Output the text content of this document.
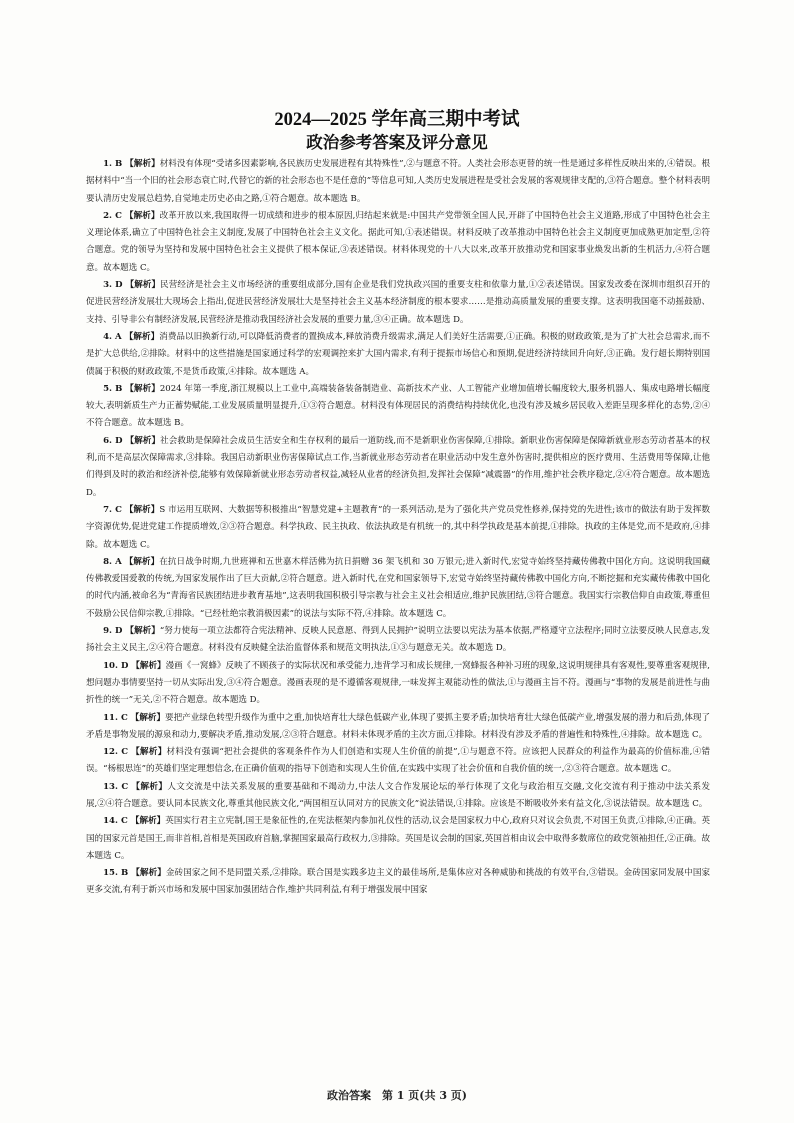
2024—2025 学年高三期中考试
政治参考答案及评分意见

1. B 【解析】材料没有体现“受诸多因素影响,各民族历史发展进程有其特殊性”,②与题意不符。人类社会形态更替的统一性是通过多样性反映出来的,④错误。根据材料中“当一个旧的社会形态衰亡时,代替它的新的社会形态也不是任意的”等信息可知,人类历史发展进程是受社会发展的客观规律支配的,③符合题意。整个材料表明要认清历史发展总趋势,自觉地走历史必由之路,①符合题意。故本题选 B。

2. C 【解析】改革开放以来,我国取得一切成绩和进步的根本原因,归结起来就是:中国共产党带领全国人民,开辟了中国特色社会主义道路,形成了中国特色社会主义理论体系,确立了中国特色社会主义制度,发展了中国特色社会主义文化。据此可知,①表述错误。材料反映了改革推动中国特色社会主义制度更加成熟更加定型,②符合题意。党的领导为坚持和发展中国特色社会主义提供了根本保证,③表述错误。材料体现党的十八大以来,改革开放推动党和国家事业焕发出新的生机活力,④符合题意。故本题选 C。

3. D 【解析】民营经济是社会主义市场经济的重要组成部分,国有企业是我们党执政兴国的重要支柱和依靠力量,①②表述错误。国家发改委在深圳市组织召开的促进民营经济发展壮大现场会上指出,促进民营经济发展壮大是坚持社会主义基本经济制度的根本要求……是推动高质量发展的重要支撑。这表明我国毫不动摇鼓励、支持、引导非公有制经济发展,民营经济是推动我国经济社会发展的重要力量,③④正确。故本题选 D。

4. A 【解析】消费品以旧换新行动,可以降低消费者的置换成本,释放消费升级需求,满足人们美好生活需要,①正确。积极的财政政策,是为了扩大社会总需求,而不是扩大总供给,②排除。材料中的这些措施是国家通过科学的宏观调控来扩大国内需求,有利于提振市场信心和预期,促进经济持续回升向好,③正确。发行超长期特别国债属于积极的财政政策,不是货币政策,④排除。故本题选 A。

5. B 【解析】2024 年第一季度,浙江规模以上工业中,高端装备装备制造业、高新技术产业、人工智能产业增加值增长幅度较大,服务机器人、集成电路增长幅度较大,表明新质生产力正蓄势赋能,工业发展质量明显提升,①③符合题意。材料没有体现居民的消费结构持续优化,也没有涉及城乡居民收入差距呈现多样化的态势,②④不符合题意。故本题选 B。

6. D 【解析】社会救助是保障社会成员生活安全和生存权利的最后一道防线,而不是新职业伤害保障,①排除。新职业伤害保障是保障新就业形态劳动者基本的权利,而不是高层次保障需求,③排除。我国启动新职业伤害保障试点工作,当新就业形态劳动者在职业活动中发生意外伤害时,提供相应的医疗费用、生活费用等保障,让他们得到及时的救治和经济补偿,能够有效保障新就业形态劳动者权益,减轻从业者的经济负担,发挥社会保障“减震器”的作用,维护社会秩序稳定,②④符合题意。故本题选 D。

7. C 【解析】S 市运用互联网、大数据等积极推出“智慧党建+主题教育”的一系列活动,是为了强化共产党员党性修养,保持党的先进性;该市的做法有助于发挥数字资源优势,促进党建工作提质增效,②③符合题意。科学执政、民主执政、依法执政是有机统一的,其中科学执政是基本前提,①排除。执政的主体是党,而不是政府,④排除。故本题选 C。

8. A 【解析】在抗日战争时期,九世班禅和五世嘉木样活佛为抗日捐赠 36 架飞机和 30 万银元;进入新时代,宏觉寺始终坚持藏传佛教中国化方向。这说明我国藏传佛教爱国爱教的传统,为国家发展作出了巨大贡献,②符合题意。进入新时代,在党和国家领导下,宏觉寺始终坚持藏传佛教中国化方向,不断挖掘和充实藏传佛教中国化的时代内涵,被命名为“青海省民族团结进步教育基地”,这表明我国积极引导宗教与社会主义社会相适应,维护民族团结,③符合题意。我国实行宗教信仰自由政策,尊重但不鼓励公民信仰宗教,①排除。“已经杜绝宗教消极因素”的说法与实际不符,④排除。故本题选 C。

9. D 【解析】“努力使每一项立法都符合宪法精神、反映人民意愿、得到人民拥护”说明立法要以宪法为基本依据,严格遵守立法程序;同时立法要反映人民意志,发扬社会主义民主,②④符合题意。材料没有反映健全法治监督体系和规范文明执法,①③与题意无关。故本题选 D。

10. D 【解析】漫画《一窝蜂》反映了不顾孩子的实际状况和承受能力,违背学习和成长规律,一窝蜂报各种补习班的现象,这说明规律具有客观性,要尊重客观规律,想问题办事情要坚持一切从实际出发,③④符合题意。漫画表现的是不遵循客观规律,一味发挥主观能动性的做法,①与漫画主旨不符。漫画与“事物的发展是前进性与曲折性的统一”无关,②不符合题意。故本题选 D。

11. C 【解析】要把产业绿色转型升级作为重中之重,加快培育壮大绿色低碳产业,体现了要抓主要矛盾;加快培育壮大绿色低碳产业,增强发展的潜力和后劲,体现了矛盾是事物发展的源泉和动力,要解决矛盾,推动发展,②③符合题意。材料未体现矛盾的主次方面,①排除。材料没有涉及矛盾的普遍性和特殊性,④排除。故本题选 C。

12. C 【解析】材料没有强调“把社会提供的客观条件作为人们创造和实现人生价值的前提”,①与题意不符。应该把人民群众的利益作为最高的价值标准,④错误。“杨根思连”的英雄们坚定理想信念,在正确价值观的指导下创造和实现人生价值,在实践中实现了社会价值和自我价值的统一,②③符合题意。故本题选 C。

13. C 【解析】人文交流是中法关系发展的重要基础和不竭动力,中法人文合作发展论坛的举行体现了文化与政治相互交融,文化交流有利于推动中法关系发展,②④符合题意。要认同本民族文化,尊重其他民族文化,“两国相互认同对方的民族文化”说法错误,①排除。应该是不断吸收外来有益文化,③说法错误。故本题选 C。

14. C 【解析】英国实行君主立宪制,国王是象征性的,在宪法框架内参加礼仪性的活动,议会是国家权力中心,政府只对议会负责,不对国王负责,①排除,④正确。英国的国家元首是国王,而非首相,首相是英国政府首脑,掌握国家最高行政权力,③排除。英国是议会制的国家,英国首相由议会中取得多数席位的政党领袖担任,②正确。故本题选 C。

15. B 【解析】金砖国家之间不是同盟关系,②排除。联合国是实践多边主义的最佳场所,是集体应对各种威胁和挑战的有效平台,③错误。金砖国家同发展中国家更多交流,有利于新兴市场和发展中国家加强团结合作,维护共同利益,有利于增强发展中国家

政治答案　第 1 页(共 3 页)
